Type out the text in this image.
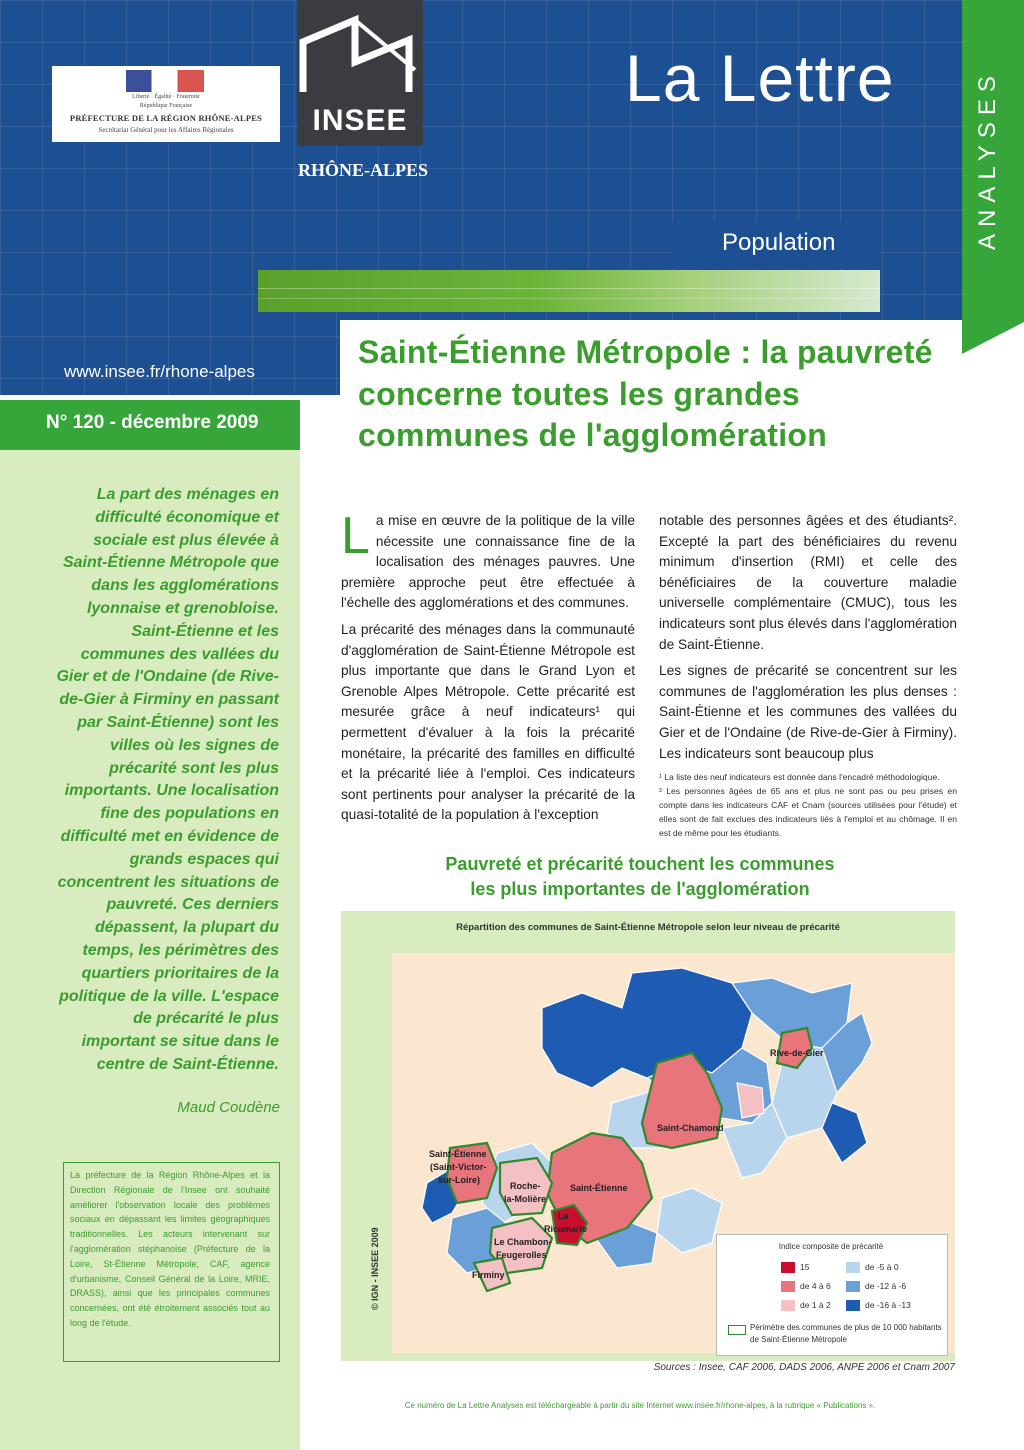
Liberté · Égalité · Fraternité
République Française
PRÉFECTURE DE LA RÉGION RHÔNE-ALPES
Secrétariat Général pour les Affaires Régionales	INSEE
RHÔNE-ALPES
La Lettre
Population	ANALYSES
www.insee.fr/rhone-alpes
N° 120 - décembre 2009
La part des ménages en difficulté économique et sociale est plus élevée à Saint-Étienne Métropole que dans les agglomérations lyonnaise et grenobloise. Saint-Étienne et les communes des vallées du Gier et de l'Ondaine (de Rive-de-Gier à Firminy en passant par Saint-Étienne) sont les villes où les signes de précarité sont les plus importants. Une localisation fine des populations en difficulté met en évidence de grands espaces qui concentrent les situations de pauvreté. Ces derniers dépassent, la plupart du temps, les périmètres des quartiers prioritaires de la politique de la ville. L'espace de précarité le plus important se situe dans le centre de Saint-Étienne.
Maud Coudène
La préfecture de la Région Rhône-Alpes et la Direction Régionale de l'Insee ont souhaité améliorer l'observation locale des problèmes sociaux en dépassant les limites géographiques traditionnelles. Les acteurs intervenant sur l'agglomération stéphanoise (Préfecture de la Loire, St-Étienne Métropole, CAF, agence d'urbanisme, Conseil Général de la Loire, MRIE, DRASS), ainsi que les principales communes concernées, ont été étroitement associés tout au long de l'étude.
Saint-Étienne Métropole : la pauvreté concerne toutes les grandes communes de l'agglomération

La mise en œuvre de la politique de la ville nécessite une connaissance fine de la localisation des ménages pauvres. Une première approche peut être effectuée à l'échelle des agglomérations et des communes.

La précarité des ménages dans la communauté d'agglomération de Saint-Étienne Métropole est plus importante que dans le Grand Lyon et Grenoble Alpes Métropole. Cette précarité est mesurée grâce à neuf indicateurs¹ qui permettent d'évaluer à la fois la précarité monétaire, la précarité des familles en difficulté et la précarité liée à l'emploi. Ces indicateurs sont pertinents pour analyser la précarité de la quasi-totalité de la population à l'exception

notable des personnes âgées et des étudiants². Excepté la part des bénéficiaires du revenu minimum d'insertion (RMI) et celle des bénéficiaires de la couverture maladie universelle complémentaire (CMUC), tous les indicateurs sont plus élevés dans l'agglomération de Saint-Étienne.

Les signes de précarité se concentrent sur les communes de l'agglomération les plus denses : Saint-Étienne et les communes des vallées du Gier et de l'Ondaine (de Rive-de-Gier à Firminy). Les indicateurs sont beaucoup plus

¹ La liste des neuf indicateurs est donnée dans l'encadré méthodologique.
² Les personnes âgées de 65 ans et plus ne sont pas ou peu prises en compte dans les indicateurs CAF et Cnam (sources utilisées pour l'étude) et elles sont de fait exclues des indicateurs liés à l'emploi et au chômage. Il en est de même pour les étudiants.
Pauvreté et précarité touchent les communes les plus importantes de l'agglomération
Répartition des communes de Saint-Étienne Métropole selon leur niveau de précarité
Rive-de-Gier
Saint-Chamond
Saint-Étienne
Saint-Étienne
(Saint-Victor-
sur-Loire)
Roche-
la-Molière
La
Ricamarie
Le Chambon-
Feugerolles
Firminy
© IGN - INSEE 2009	Indice composite de précarité
15
de 4 à 6
de 1 à 2
de -5 à 0
de -12 à -6
de -16 à -13
Périmètre des communes de plus de 10 000 habitants de Saint-Étienne Métropole
Sources : Insee, CAF 2006, DADS 2006, ANPE 2006 et Cnam 2007
Ce numéro de La Lettre Analyses est téléchargeable à partir du site Internet www.insee.fr/rhone-alpes, à la rubrique « Publications ».
